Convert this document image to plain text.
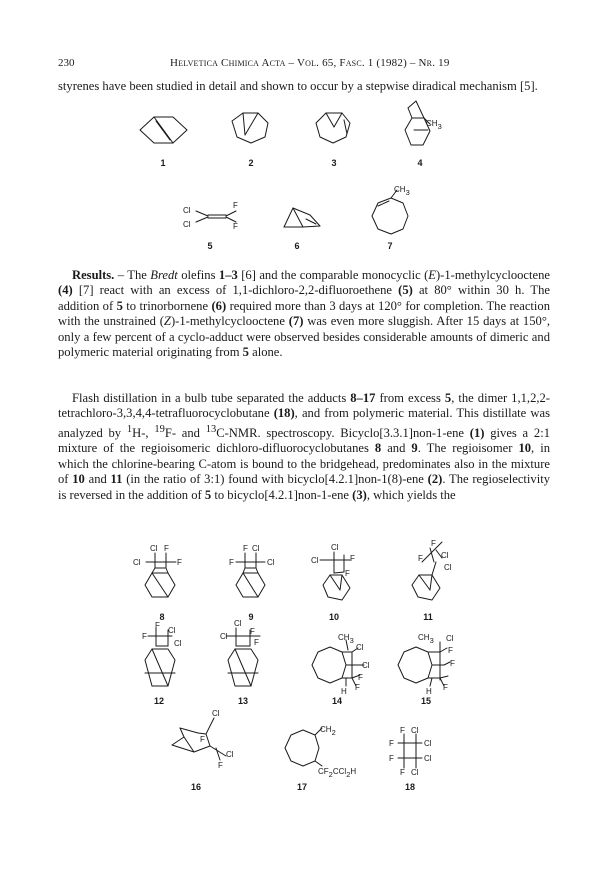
230	Helvetica Chimica Acta – Vol. 65, Fasc. 1 (1982) – Nr. 19
styrenes have been studied in detail and shown to occur by a stepwise diradical mechanism [5].
Results. – The Bredt olefins 1–3 [6] and the comparable monocyclic (E)-1-methylcyclooctene (4) [7] react with an excess of 1,1-dichloro-2,2-difluoroethene (5) at 80° within 30 h. The addition of 5 to trinorbornene (6) required more than 3 days at 120° for completion. The reaction with the unstrained (Z)-1-methylcyclooctene (7) was even more sluggish. After 15 days at 150°, only a few percent of a cyclo-adduct were observed besides considerable amounts of dimeric and polymeric material originating from 5 alone.
Flash distillation in a bulb tube separated the adducts 8–17 from excess 5, the dimer 1,1,2,2-tetrachloro-3,3,4,4-tetrafluorocyclobutane (18), and from polymeric material. This distillate was analyzed by $^1$H-, $^{19}$F- and $^{13}$C-NMR. spectroscopy. Bicyclo[3.3.1]non-1-ene (1) gives a 2:1 mixture of the regioisomeric dichloro-difluorocyclobutanes 8 and 9. The regioisomer 10, in which the chlorine-bearing C-atom is bound to the bridgehead, predominates also in the mixture of 10 and 11 (in the ratio of 3:1) found with bicyclo[4.2.1]non-1(8)-ene (2). The regioselectivity is reversed in the addition of 5 to bicyclo[4.2.1]non-1-ene (3), which yields the
CH3
Cl
Cl
F
F
CH3
Cl F
Cl	F
F Cl
F	Cl	Cl
Cl
F
F
F
F Cl
Cl
F
Cl
F
Cl
Cl
Cl
F
F
CH3
Cl
Cl
F
H F
CH3 Cl
F
F
H F
Cl
F
Cl
F
CH2
CF2CCl2H
F Cl
F	Cl
F	Cl
F Cl
1	2	3	4
5	6	7
8	9	10	11
12	13	14	15
16	17	18
